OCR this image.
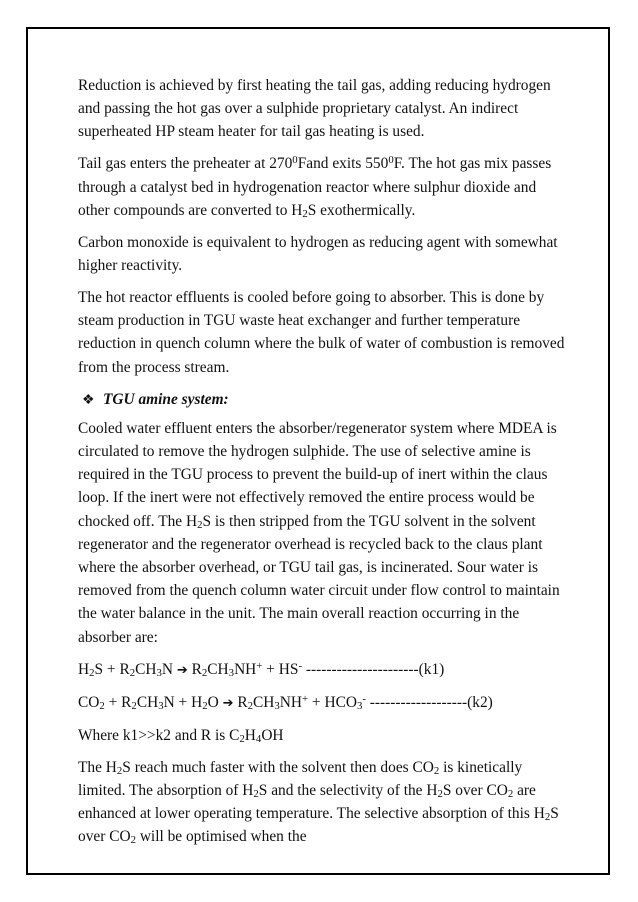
Reduction is achieved by first heating the tail gas, adding reducing hydrogen and passing the hot gas over a sulphide proprietary catalyst. An indirect superheated HP steam heater for tail gas heating is used.

Tail gas enters the preheater at $270^0Fand$ exits $550^0F$. The hot gas mix passes through a catalyst bed in hydrogenation reactor where sulphur dioxide and other compounds are converted to $H_2S$ exothermically.

Carbon monoxide is equivalent to hydrogen as reducing agent with somewhat higher reactivity.

The hot reactor effluents is cooled before going to absorber. This is done by steam production in TGU waste heat exchanger and further temperature reduction in quench column where the bulk of water of combustion is removed from the process stream.

❖ TGU amine system:

Cooled water effluent enters the absorber/regenerator system where MDEA is circulated to remove the hydrogen sulphide. The use of selective amine is required in the TGU process to prevent the build-up of inert within the claus loop. If the inert were not effectively removed the entire process would be chocked off. The $H_2S$ is then stripped from the TGU solvent in the solvent regenerator and the regenerator overhead is recycled back to the claus plant where the absorber overhead, or TGU tail gas, is incinerated. Sour water is removed from the quench column water circuit under flow control to maintain the water balance in the unit. The main overall reaction occurring in the absorber are:

$H_2S + R_2CH_3N$ ➔ $R_2CH_3NH^+ + HS^-$ ----------------------(k1)
$CO_2 + R_2CH_3N + H_2O$ ➔ $R_2CH_3NH^+ + HCO_3^-$ -------------------(k2)
Where k1>>k2 and R is $C_2H_4OH$

The $H_2S$ reach much faster with the solvent then does $CO_2$ is kinetically limited. The absorption of $H_2S$ and the selectivity of the $H_2S$ over $CO_2$ are enhanced at lower operating temperature. The selective absorption of this $H_2S$ over $CO_2$ will be optimised when the
